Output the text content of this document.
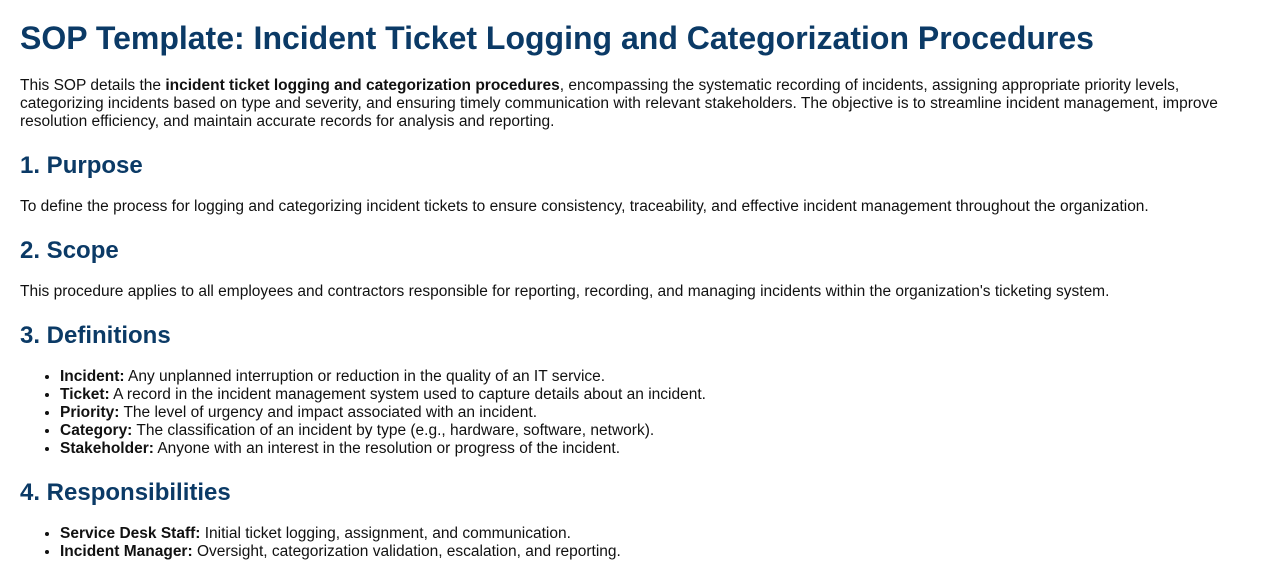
SOP Template: Incident Ticket Logging and Categorization Procedures

This SOP details the incident ticket logging and categorization procedures, encompassing the systematic recording of incidents, assigning appropriate priority levels, categorizing incidents based on type and severity, and ensuring timely communication with relevant stakeholders. The objective is to streamline incident management, improve resolution efficiency, and maintain accurate records for analysis and reporting.

1. Purpose

To define the process for logging and categorizing incident tickets to ensure consistency, traceability, and effective incident management throughout the organization.

2. Scope

This procedure applies to all employees and contractors responsible for reporting, recording, and managing incidents within the organization's ticketing system.

3. Definitions
• Incident: Any unplanned interruption or reduction in the quality of an IT service.
• Ticket: A record in the incident management system used to capture details about an incident.
• Priority: The level of urgency and impact associated with an incident.
• Category: The classification of an incident by type (e.g., hardware, software, network).
• Stakeholder: Anyone with an interest in the resolution or progress of the incident.
4. Responsibilities
• Service Desk Staff: Initial ticket logging, assignment, and communication.
• Incident Manager: Oversight, categorization validation, escalation, and reporting.
